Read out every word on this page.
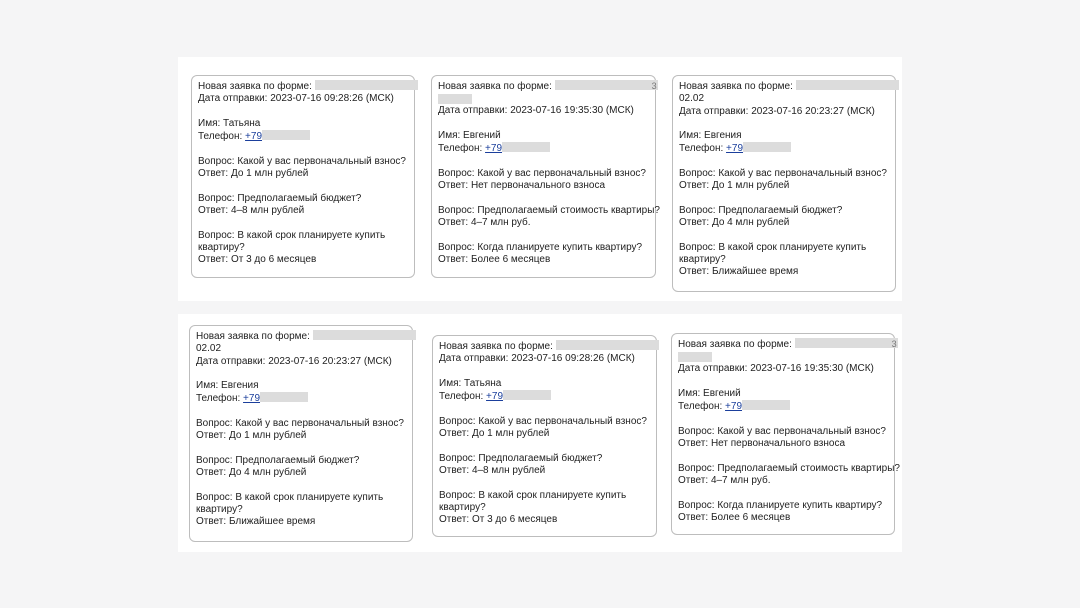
Новая заявка по форме:
Дата отправки: 2023-07-16 09:28:26 (МСК)
Имя: Татьяна
Телефон: +79
Вопрос: Какой у вас первоначальный взнос?
Ответ: До 1 млн рублей
Вопрос: Предполагаемый бюджет?
Ответ: 4–8 млн рублей
Вопрос: В какой срок планируете купить
квартиру?
Ответ: От 3 до 6 месяцев
Новая заявка по форме:	3
Дата отправки: 2023-07-16 19:35:30 (МСК)
Имя: Евгений
Телефон: +79
Вопрос: Какой у вас первоначальный взнос?
Ответ: Нет первоначального взноса
Вопрос: Предполагаемый стоимость квартиры?
Ответ: 4–7 млн руб.
Вопрос: Когда планируете купить квартиру?
Ответ: Более 6 месяцев
Новая заявка по форме:
02.02
Дата отправки: 2023-07-16 20:23:27 (МСК)
Имя: Евгения
Телефон: +79
Вопрос: Какой у вас первоначальный взнос?
Ответ: До 1 млн рублей
Вопрос: Предполагаемый бюджет?
Ответ: До 4 млн рублей
Вопрос: В какой срок планируете купить
квартиру?
Ответ: Ближайшее время
Новая заявка по форме:
02.02
Дата отправки: 2023-07-16 20:23:27 (МСК)
Имя: Евгения
Телефон: +79
Вопрос: Какой у вас первоначальный взнос?
Ответ: До 1 млн рублей
Вопрос: Предполагаемый бюджет?
Ответ: До 4 млн рублей
Вопрос: В какой срок планируете купить
квартиру?
Ответ: Ближайшее время
Новая заявка по форме:
Дата отправки: 2023-07-16 09:28:26 (МСК)
Имя: Татьяна
Телефон: +79
Вопрос: Какой у вас первоначальный взнос?
Ответ: До 1 млн рублей
Вопрос: Предполагаемый бюджет?
Ответ: 4–8 млн рублей
Вопрос: В какой срок планируете купить
квартиру?
Ответ: От 3 до 6 месяцев
Новая заявка по форме:	3
Дата отправки: 2023-07-16 19:35:30 (МСК)
Имя: Евгений
Телефон: +79
Вопрос: Какой у вас первоначальный взнос?
Ответ: Нет первоначального взноса
Вопрос: Предполагаемый стоимость квартиры?
Ответ: 4–7 млн руб.
Вопрос: Когда планируете купить квартиру?
Ответ: Более 6 месяцев
